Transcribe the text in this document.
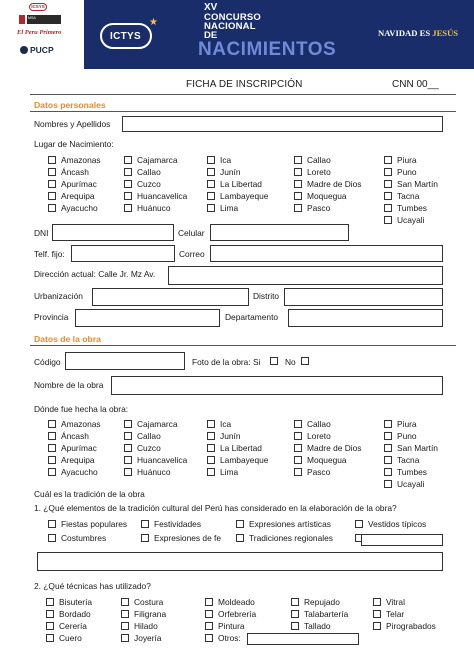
ICSYS
MSA
El Peru Primero
PUCP
ICTYS
★
XV
CONCURSO
NACIONAL
DE
NACIMIENTOS
NAVIDAD ES JESÚS
FICHA DE INSCRIPCIÓN	CNN 00__
Datos personales
Nombres y Apellidos
Lugar de Nacimiento:
Amazonas	Cajamarca	Ica	Callao	Piura
Áncash	Callao	Junín	Loreto	Puno
Apurímac	Cuzco	La Libertad	Madre de Dios	San Martín
Arequipa	Huancavelica	Lambayeque	Moquegua	Tacna
Ayacucho	Huánuco	Lima	Pasco	Tumbes
Ucayali
DNI	Celular
Telf. fijo:	Correo
Dirección actual: Calle Jr. Mz Av.
Urbanización	Distrito
Provincia	Departamento
Datos de la obra
Código	Foto de la obra: Si	No
Nombre de la obra
Dónde fue hecha la obra:
Amazonas	Cajamarca	Ica	Callao	Piura
Áncash	Callao	Junín	Loreto	Puno
Apurímac	Cuzco	La Libertad	Madre de Dios	San Martín
Arequipa	Huancavelica	Lambayeque	Moquegua	Tacna
Ayacucho	Huánuco	Lima	Pasco	Tumbes
Ucayali
Cuál es la tradición de la obra
1. ¿Qué elementos de la tradición cultural del Perú has considerado en la elaboración de la obra?
Fiestas populares	Festividades	Expresiones artísticas	Vestidos típicos
Costumbres	Expresiones de fe	Tradiciones regionales
2. ¿Qué técnicas has utilizado?
Bisutería	Costura	Moldeado	Repujado	Vitral
Bordado	Filigrana	Orfebrería	Talabartería	Telar
Cerería	Hilado	Pintura	Tallado	Pirograbados
Cuero	Joyería	Otros:
